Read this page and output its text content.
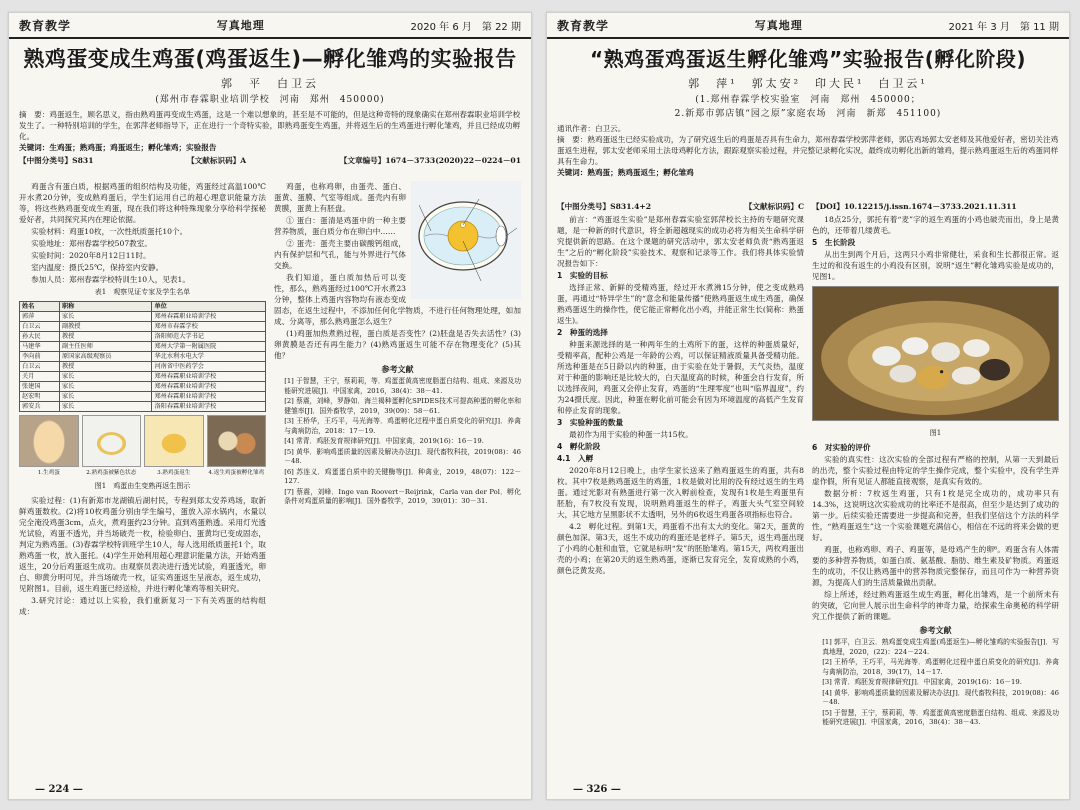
教育教学	写真地理	2020 年 6 月　第 22 期
熟鸡蛋变成生鸡蛋(鸡蛋返生)—孵化雏鸡的实验报告
郭　平　白卫云
(郑州市春霖职业培训学校　河南　郑州　450000)
摘　要：鸡蛋返生，顾名思义，指由熟鸡蛋再变成生鸡蛋，这是一个难以想象的，甚至是不可能的，但是这种奇特的现象确实在郑州春霖职业培训学校发生了。一种特别培训的学生，在郭萍老师指导下，正在进行一个奇特实验，即熟鸡蛋变生鸡蛋，并将返生后的生鸡蛋进行孵化雏鸡，并且已经成功孵化。
关键词：生鸡蛋；熟鸡蛋；鸡蛋返生；孵化雏鸡；实验报告
【中图分类号】S831	【文献标识码】A	【文章编号】1674－3733(2020)22－0224－01

鸡蛋含有蛋白质，根据鸡蛋的组织结构及功能，鸡蛋经过高温100℃开水煮20分钟，变成熟鸡蛋后，学生们运用自己的超心理意识能量方法等，将这些熟鸡蛋变成生鸡蛋，现在我们将这种特殊现象分享给科学探秘爱好者，共同探究其内在理论依据。

实验材料：鸡蛋10枚，一次性纸质蛋托10个。

实验地址：郑州春霖学校507教室。

实验时间：2020年8月12日11时。

室内温度：摄氏25℃，保持室内安静。

参加人员：郑州春霖学校特训生10人，见表1。

表1　观察见证专家及学生名单
姓名	职称	单位
郭萍	家长	郑州春霖职业培训学校
白卫云	副教授	郑州市春霖学校
孙大民	教授	洛阳师范大学书记
马建华	副主任医师	郑州大学第一附属医院
李向前	原国家高级观察员	华北水利水电大学
白卫云	教授	河南省中医药学会
关月	家长	郑州春霖职业培训学校
张建国	家长	郑州春霖职业培训学校
赵宏明	家长	郑州春霖职业培训学校
郭安兵	家长	洛阳春霖职业培训学校
1.生鸡蛋	2.熟鸡蛋被紫色状态	3.熟鸡蛋返生	4.返生鸡蛋被孵化雏鸡
图1　鸡蛋由生变熟再返生图示

实验过程：(1)有新郑市龙湖镇后湖村民，专程到郑太安养鸡场，取新鲜鸡蛋数枚。(2)将10枚鸡蛋分别由学生编号，蛋放入凉水锅内，水量以完全淹没鸡蛋3cm，点火，煮鸡蛋约23分钟。直到鸡蛋熟透。采用灯光透光试验，鸡蛋不透光，并当场破壳一枚，检验卵白、蛋黄均已变成固态，判定为熟鸡蛋。(3)春霖学校特训班学生10人，每人选用纸质蛋托1个，取熟鸡蛋一枚，放入蛋托。(4)学生开始利用超心理意识能量方法，开始鸡蛋返生，20分后鸡蛋返生成功。由观察员表决进行透光试验，鸡蛋透光，卵白、卵黄分明可见，并当场破壳一枚，证实鸡蛋返生呈液态，返生成功，见附图1。目前，返生鸡蛋已经送检，并进行孵化雏鸡等相关研究。

3.研究讨论：通过以上实验，我们重新复习一下有关鸡蛋的结构组成：

鸡蛋，也称鸡卵，由蛋壳、蛋白、蛋黄、蛋膜、气室等组成。蛋壳内有卵黄膜，蛋黄上有胚盘。

① 蛋白：蛋清是鸡蛋中的一种主要营养物质，蛋白质分布在卵白中……

② 蛋壳：蛋壳主要由碳酸钙组成，内有保护层和气孔，能与外界进行气体交换。

我们知道，蛋白质加热后可以变性，那么，熟鸡蛋经过100℃开水煮23分钟，整体上鸡蛋内容物均有液态变成固态，在返生过程中，不添加任何化学物质，不进行任何物理处理，如加成、分离等，那么熟鸡蛋怎么返生？

(1)鸡蛋加热煮熟过程，蛋白质是否变性？(2)胚盘是否失去活性？(3)卵黄膜是否还有再生能力？(4)熟鸡蛋返生可能不存在物理变化？(5)其他？

参考文献

[1] 于智慧，王宁，蔡莉莉，等．鸡蛋蛋黄高密度脂蛋白结构、组成、来源及功能研究进展[J]．中国家禽，2016，38(4)：38－41.

[2] 蔡震，刘峰，罗静如．海兰褐种蛋孵化SPIDES技术可提高种蛋的孵化率和健雏率[J]．国外畜牧学，2019，39(09)：58－61.

[3] 王桥华，王巧平，马光海等．鸡蛋孵化过程中蛋白质变化的研究[J]．养禽与禽病防治，2018：17－19.

[4] 常青．鸡胚发育规律研究[J]．中国家禽，2019(16)：16－19.

[5] 黄华．影响鸡蛋质量的因素及解决办法[J]．现代畜牧科技，2019(08)：46－48.

[6] 苏连义．鸡蛋蛋白质中的关键酶等[J]．种禽业，2019，48(07)：122－127.

[7] 蔡震，刘峰．Inge van Roovert－Reijrink，Carla van der Pol．孵化条件对鸡蛋质量的影响[J]．国外畜牧学，2019，39(01)：30－31.

— 224 —
教育教学	写真地理	2021 年 3 月　第 11 期
“熟鸡蛋鸡蛋返生孵化雏鸡”实验报告(孵化阶段)
郭　萍¹　郭太安²　印大民¹　白卫云¹
(1.郑州春霖学校实验室　河南　郑州　450000；
2.新郑市郭店镇“园之原”家庭农场　河南　新郑　451100)
通讯作者：白卫云。
摘　要：熟鸡蛋返生已经实验成功，为了研究返生后的鸡蛋是否具有生命力，郑州春霖学校郭萍老师，郭店鸡场郭太安老师及其他爱好者，密切关注鸡蛋返生进程，郭太安老师采用土法母鸡孵化方法，跟踪观察实验过程，并完整记录孵化实况，最终成功孵化出新的雏鸡，提示熟鸡蛋返生后的鸡蛋同样具有生命力。
关键词：熟鸡蛋；熟鸡蛋返生；孵化雏鸡
【中图分类号】S831.4+2	【文献标识码】C

前言：“鸡蛋返生实验”是郑州春霖实验室郭萍校长主持的专题研究课题，是一种新的时代意识，将全新超越现实的成功必将为相关生命科学研究提供新的思路。在这个课题的研究活动中，郭太安老师负责“熟鸡蛋返生”之后的“孵化阶段”实验技术、观察和记录等工作。我们将具体实验情况报告如下：

1　实验的目标

选择正常、新鲜的受精鸡蛋，经过开水煮沸15分钟，使之变成熟鸡蛋，再通过“特异学生”的“意念和能量传播”使熟鸡蛋返生成生鸡蛋，确保熟鸡蛋返生的操作性，使它能正常孵化出小鸡，并能正常生长(简称：熟蛋返生)。

2　种蛋的选择

种蛋来源选择的是一种两年生的土鸡所下的蛋，这样的种蛋质量好，受精率高，配种公鸡是一年龄的公鸡，可以保证精液质量具备受精功能。所选种蛋是在5日龄以内的种蛋，由于实验在处于暑假，天气炎热，温度对于种蛋的影响还是比较大的，白天温度高的时候，种蛋会自行发育，所以选择夜间，鸡蛋又会停止发育，鸡蛋的“生理零度”也叫“临界温度”，约为24摄氏度。因此，种蛋在孵化前可能会有因为环境温度的高低产生发育和停止发育的现象。

3　实验种蛋的数量

最初作为用于实验的种蛋一共15枚。

4　孵化阶段

4.1　入孵

2020年8月12日晚上，由学生家长送来了熟鸡蛋返生的鸡蛋，共有8枚。其中7枚是熟鸡蛋返生的鸡蛋，1枚是做对比用的没有经过返生的生鸡蛋。通过光影对有熟蛋进行第一次入孵前检查，发现有1枚是生鸡蛋里有胚胎，有7枚没有发现，说明熟鸡蛋返生的样子，鸡蛋大头气室空间较大，其它地方呈黑影状不太透明，另外的6枚返生鸡蛋各项指标也符合。

4.2　孵化过程。到第1天，鸡蛋看不出有太大的变化。第2天，蛋黄的颜色加深。第3天，返生不成功的鸡蛋还是老样子。第5天，返生鸡蛋出现了小鸡的心脏和血管，它就是标明“发”的胚胎雏鸡。第15天，两枚鸡蛋出壳的小鸡；在第20天的返生熟鸡蛋，逐渐已发育完全，发育成熟的小鸡，颜色泛黄发亮。

【DOI】10.12215/j.issn.1674－3733.2021.11.311

18点25分，郭托有着“麦”字的返生鸡蛋的小鸡也破壳而出，身上是黄色的，还带着几缕黄毛。

5　生长阶段

从出生到两个月后，这两只小鸡非常健壮，采食和生长都很正常。返生过的和没有返生的小鸡没有区别，说明“返生”孵化雏鸡实验是成功的，见图1。

图1

6　对实验的评价

实验的真实性：这次实验的全部过程有严格的控制，从第一天到最后的出壳，整个实验过程由特定的学生操作完成，整个实验中，没有学生弄虚作假，所有见证人都能直接观察，是真实有效的。

数据分析：7枚返生鸡蛋，只有1枚是完全成功的，成功率只有14.3%，这说明这次实验成功的比率还不是很高，但至少是达到了成功的第一步。后续实验还需要进一步提高和完善，但我们坚信这个方法的科学性，“熟鸡蛋返生”这一个实验课题充满信心，相信在不远的将来会做的更好。

鸡蛋，也称鸡卵、鸡子、鸡蛋等，是母鸡产生的卵⁶。鸡蛋含有人体需要的多种营养物质，如蛋白质、氨基酸、脂肪、维生素及矿物质。鸡蛋返生的成功，不仅让熟鸡蛋中的营养物质完整保存，而且可作为一种营养资源，为提高人们的生活质量做出贡献。

综上所述，经过熟鸡蛋返生成生鸡蛋，孵化出雏鸡，是一个前所未有的突破，它向世人展示出生命科学的神奇力量，给探索生命奥秘的科学研究工作提供了新的课题。

参考文献

[1] 郭平，白卫云．熟鸡蛋变成生鸡蛋(鸡蛋返生)—孵化雏鸡的实验报告[J]．写真地理，2020，(22)：224－224.

[2] 王桥华，王巧平，马光海等．鸡蛋孵化过程中蛋白质变化的研究[J]．养禽与禽病防治，2018，39(17)，14－17.

[3] 常青．鸡胚发育规律研究[J]．中国家禽，2019(16)：16－19.

[4] 黄华．影响鸡蛋质量的因素及解决办法[J]．现代畜牧科技，2019(08)：46－48.

[5] 于智慧，王宁，蔡莉莉，等．鸡蛋蛋黄高密度脂蛋白结构、组成、来源及功能研究进展[J]．中国家禽，2016，38(4)：38－43.

— 326 —
